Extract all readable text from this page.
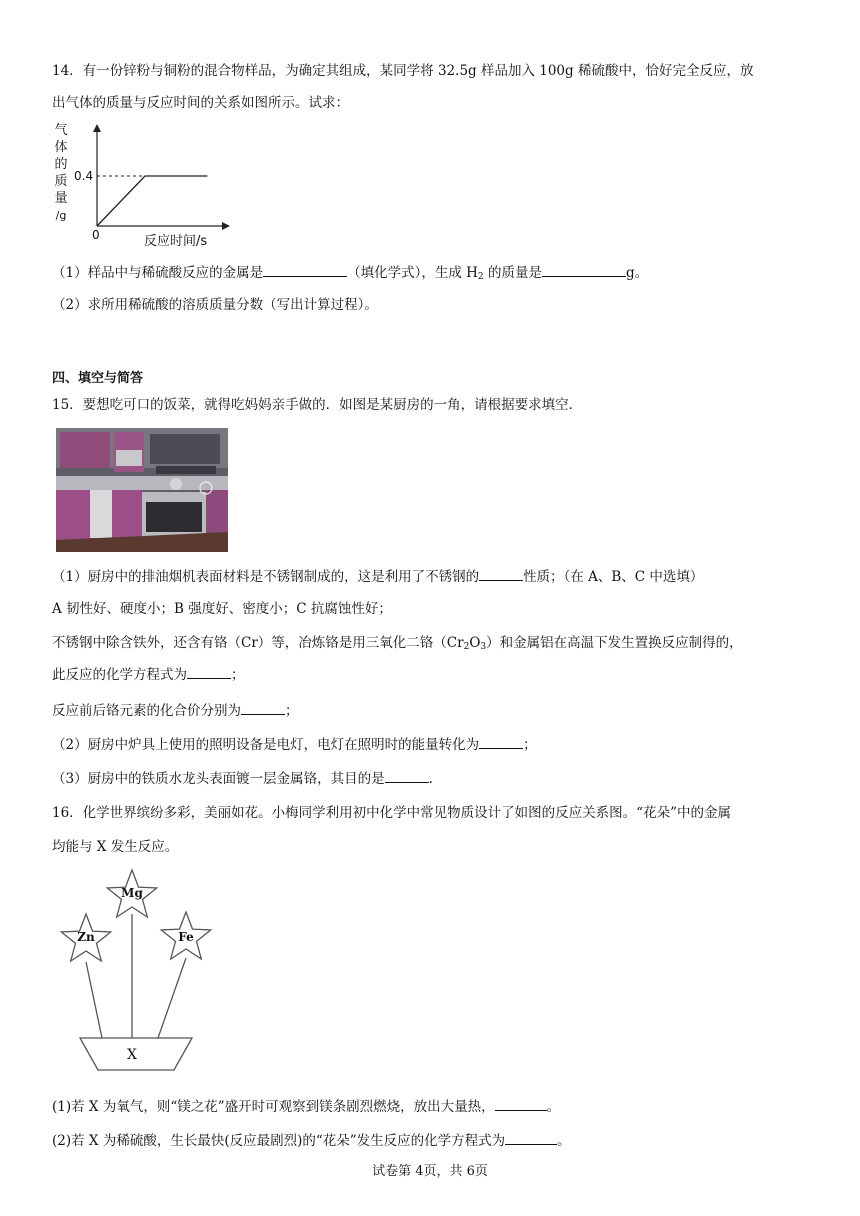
14．有一份锌粉与铜粉的混合物样品，为确定其组成，某同学将 32.5g 样品加入 100g 稀硫酸中，恰好完全反应，放
出气体的质量与反应时间的关系如图所示。试求：
气
体
的
质
量
/g
0	反应时间/s
0.4
（1）样品中与稀硫酸反应的金属是	（填化学式），生成 $H_2$ 的质量是	g。
（2）求所用稀硫酸的溶质质量分数（写出计算过程）。
四、填空与简答
15．要想吃可口的饭菜，就得吃妈妈亲手做的．如图是某厨房的一角，请根据要求填空．
（1）厨房中的排油烟机表面材料是不锈钢制成的，这是利用了不锈钢的	性质；（在 A、B、C 中选填）
A 韧性好、硬度小；B 强度好、密度小；C 抗腐蚀性好；
不锈钢中除含铁外，还含有铬（Cr）等，冶炼铬是用三氧化二铬$(Cr_2O_3)$和金属铝在高温下发生置换反应制得的，
此反应的化学方程式为	；
反应前后铬元素的化合价分别为	；
（2）厨房中炉具上使用的照明设备是电灯，电灯在照明时的能量转化为	；
（3）厨房中的铁质水龙头表面镀一层金属铬，其目的是	.
16．化学世界缤纷多彩，美丽如花。小梅同学利用初中化学中常见物质设计了如图的反应关系图。“花朵”中的金属
均能与 X 发生反应。
Zn
Mg
Fe
X
(1)若 X 为氧气，则“镁之花”盛开时可观察到镁条剧烈燃烧，放出大量热，	。
(2)若 X 为稀硫酸，生长最快(反应最剧烈)的“花朵”发生反应的化学方程式为	。
试卷第 4页，共 6页
